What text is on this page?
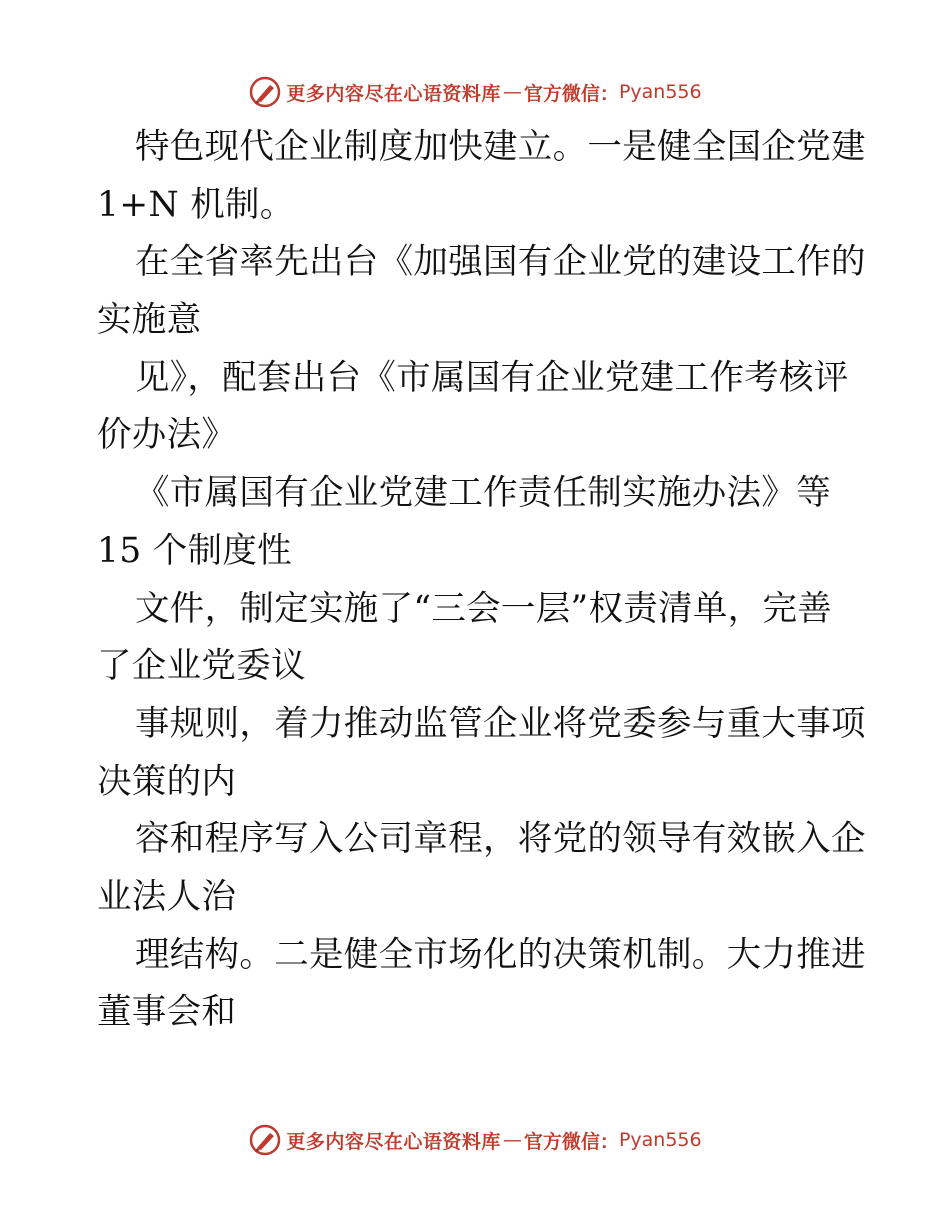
更多内容尽在心语资料库 — 官方微信： Pyan556
特色现代企业制度加快建立。一是健全国企党建
1+N 机制。
在全省率先出台《加强国有企业党的建设工作的
实施意
见》，配套出台《市属国有企业党建工作考核评
价办法》
《市属国有企业党建工作责任制实施办法》等
15 个制度性
文件，制定实施了“三会一层”权责清单，完善
了企业党委议
事规则，着力推动监管企业将党委参与重大事项
决策的内
容和程序写入公司章程，将党的领导有效嵌入企
业法人治
理结构。二是健全市场化的决策机制。大力推进
董事会和
更多内容尽在心语资料库 — 官方微信： Pyan556
